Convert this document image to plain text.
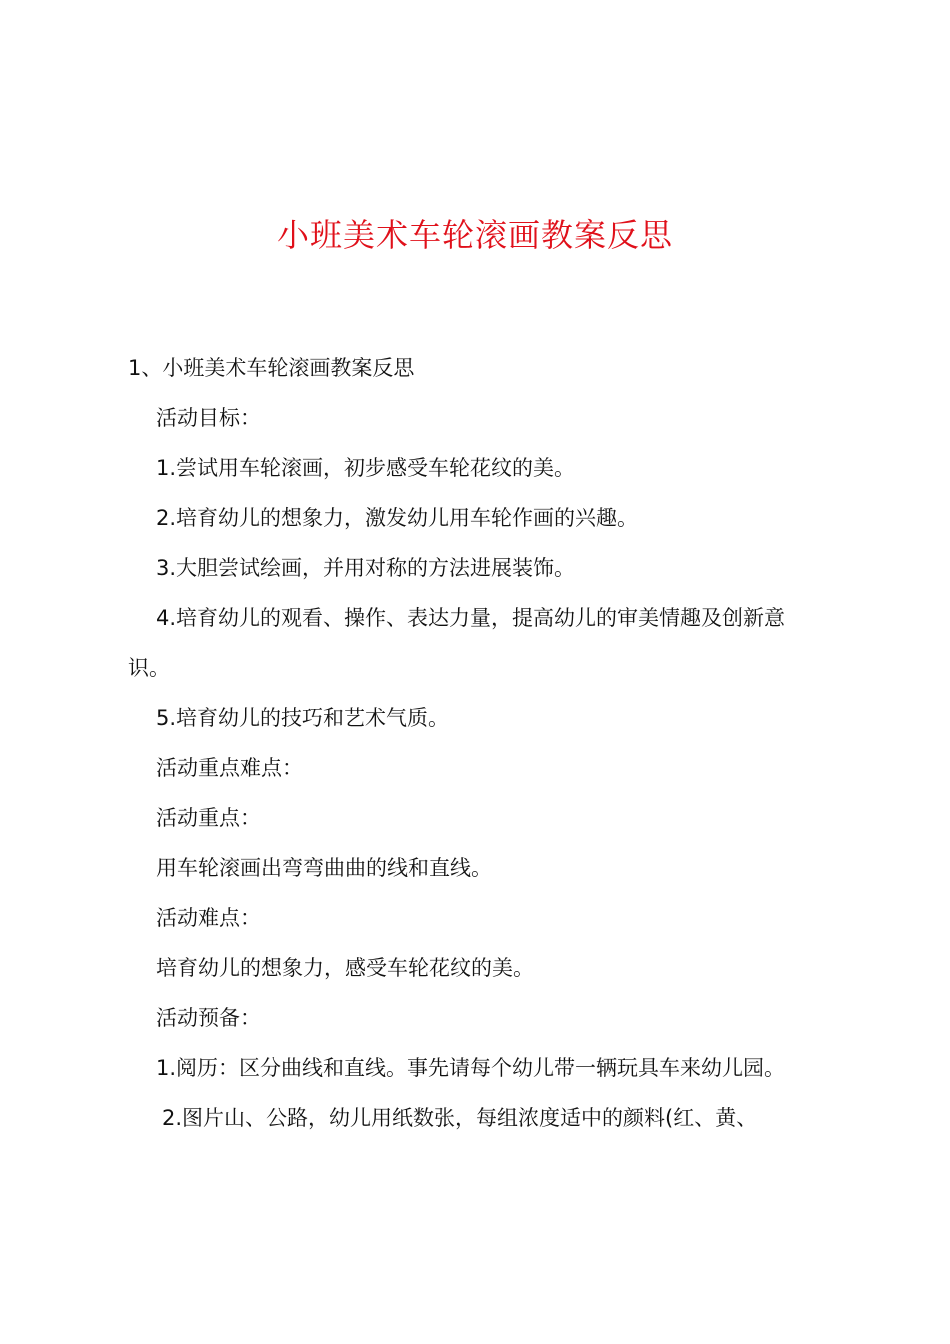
小班美术车轮滚画教案反思
1、小班美术车轮滚画教案反思
活动目标：
1.尝试用车轮滚画，初步感受车轮花纹的美。
2.培育幼儿的想象力，激发幼儿用车轮作画的兴趣。
3.大胆尝试绘画，并用对称的方法进展装饰。
4.培育幼儿的观看、操作、表达力量，提高幼儿的审美情趣及创新意
识。
5.培育幼儿的技巧和艺术气质。
活动重点难点：
活动重点：
用车轮滚画出弯弯曲曲的线和直线。
活动难点：
培育幼儿的想象力，感受车轮花纹的美。
活动预备：
1.阅历：区分曲线和直线。事先请每个幼儿带一辆玩具车来幼儿园。
2.图片山、公路，幼儿用纸数张，每组浓度适中的颜料(红、黄、
